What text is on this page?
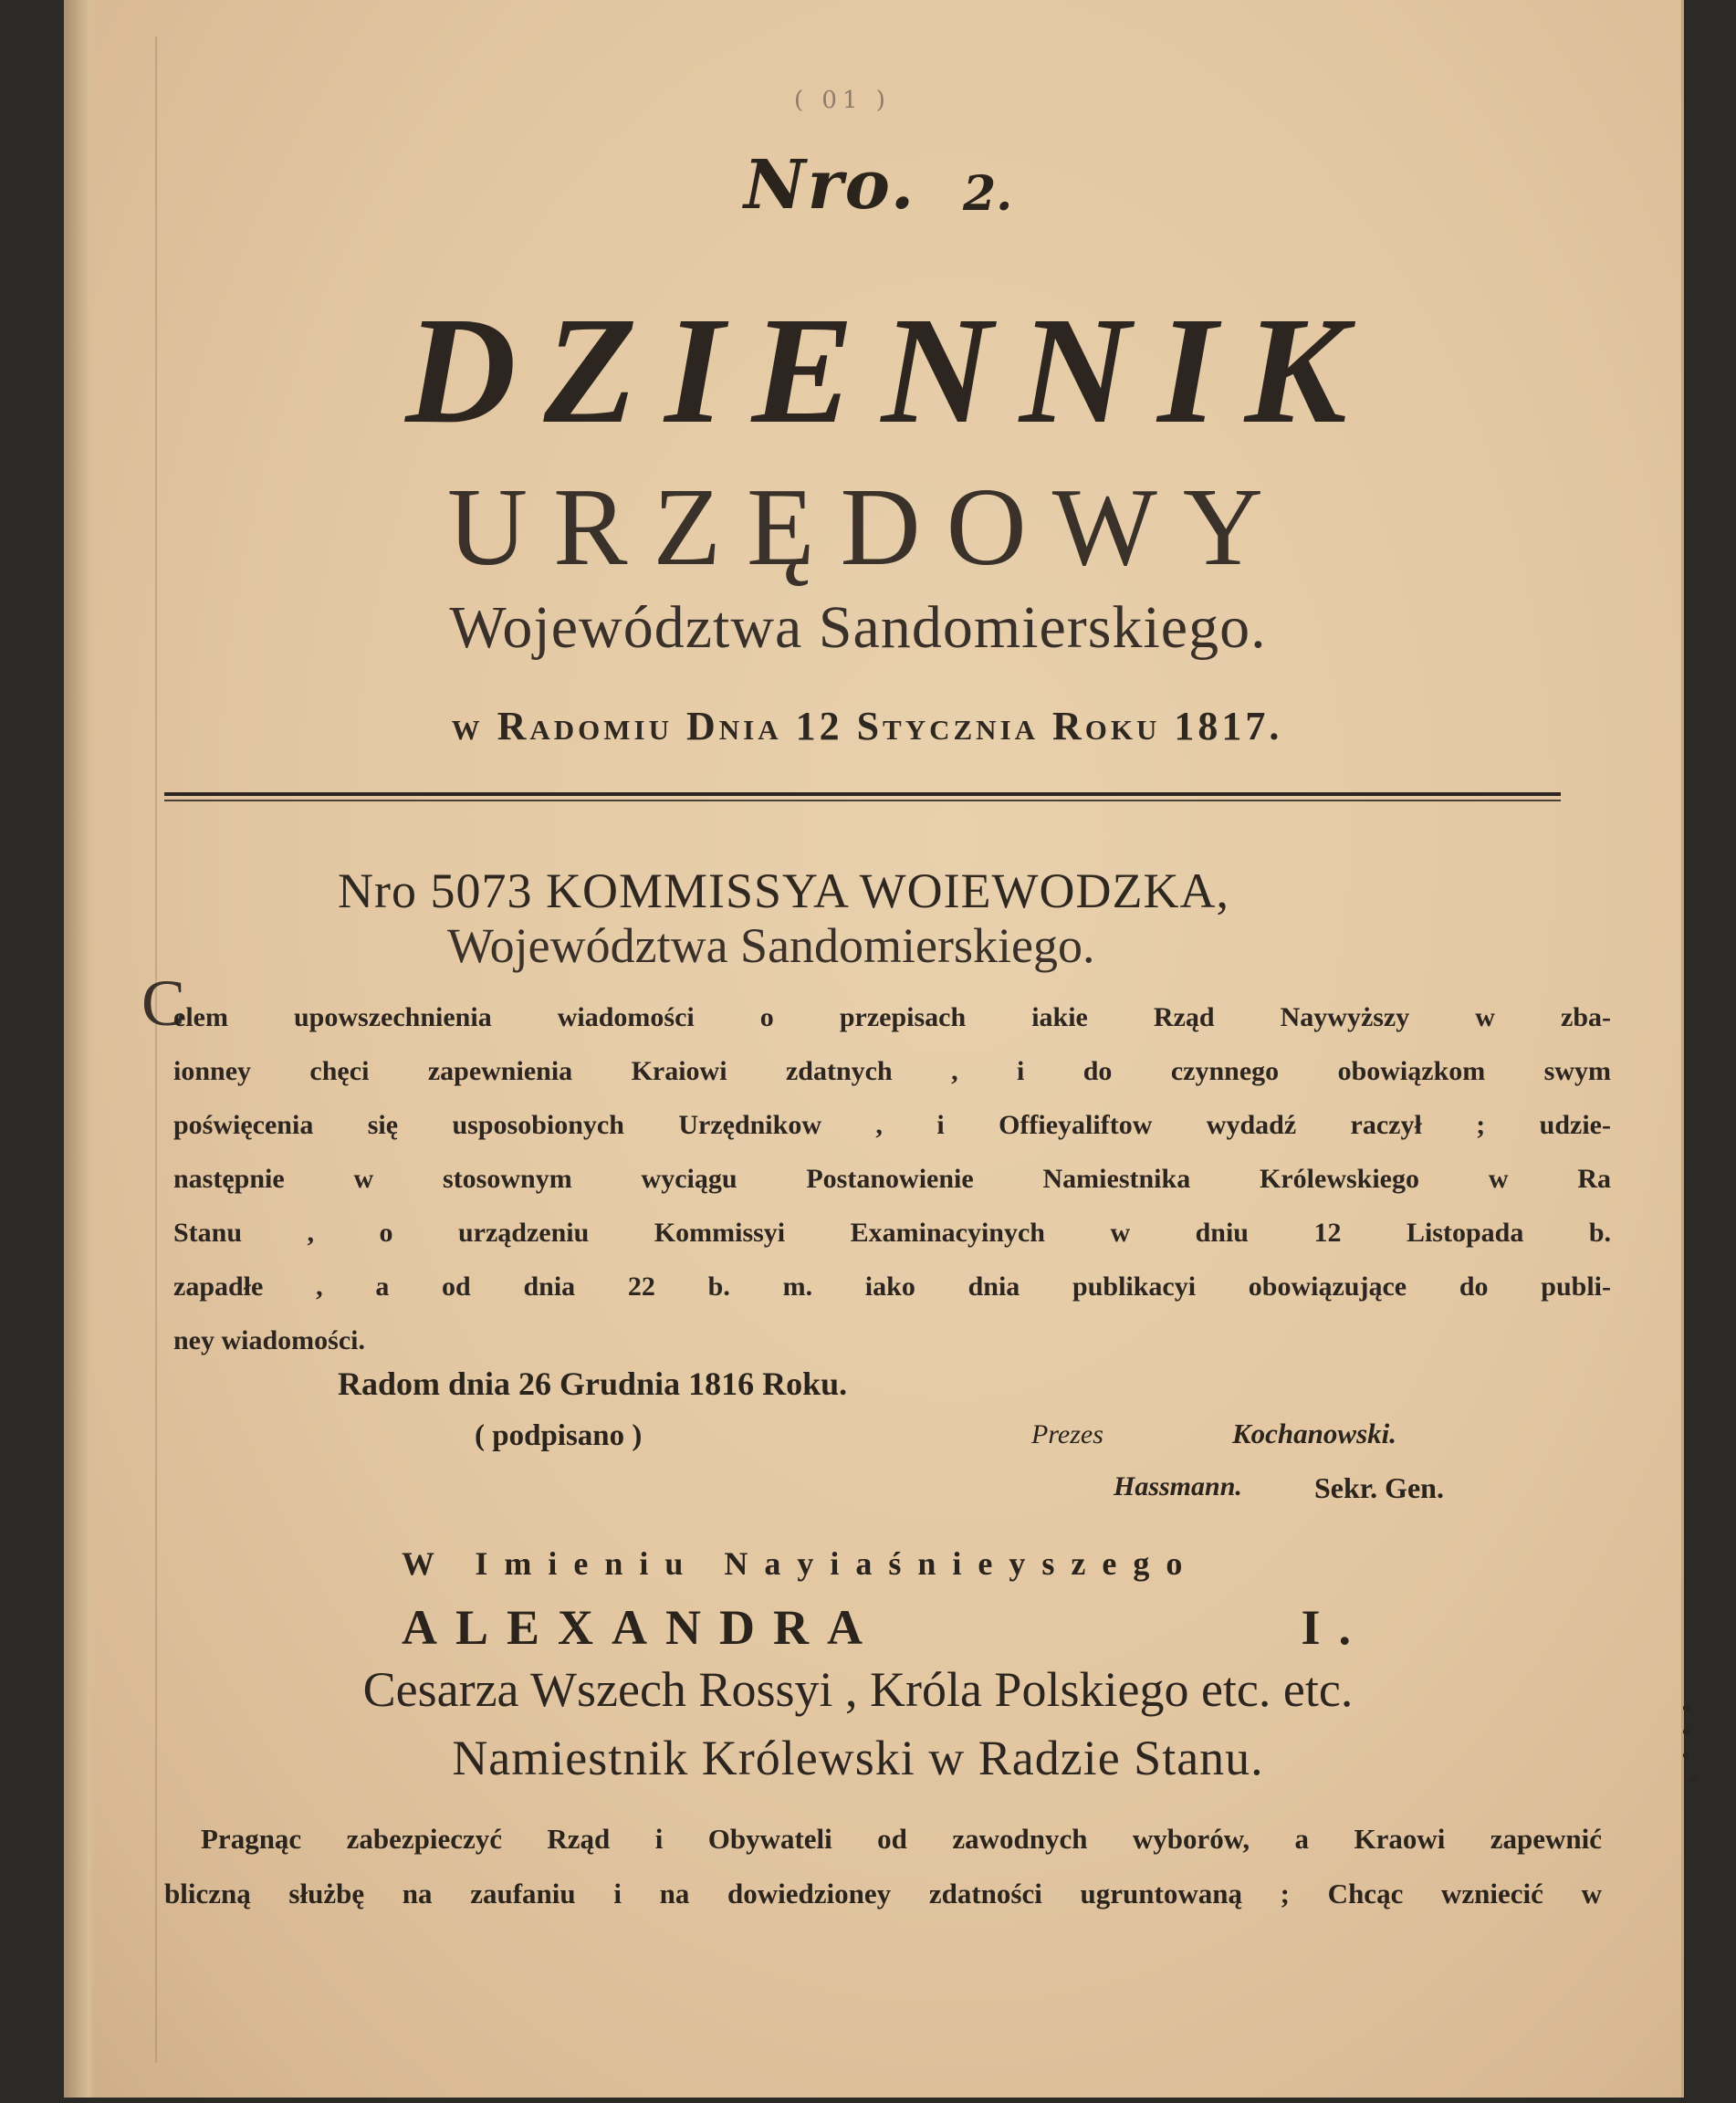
( 01 )
Nro. 2.
DZIENNIK
URZĘDOWY
Województwa Sandomierskiego.
w Radomiu Dnia 12 Stycznia Roku 1817.
Nro 5073 KOMMISSYA WOIEWODZKA,
Województwa Sandomierskiego.
C
elem upowszechnienia wiadomości o przepisach iakie Rząd Naywyższy w zba-
ionney chęci zapewnienia Kraiowi zdatnych , i do czynnego obowiązkom swym
poświęcenia się usposobionych Urzędnikow , i Offieyaliftow wydadź raczył ; udzie-
następnie w stosownym wyciągu Postanowienie Namiestnika Królewskiego w Ra
Stanu , o urządzeniu Kommissyi Examinacyinych w dniu 12 Listopada b.
zapadłe , a od dnia 22 b. m. iako dnia publikacyi obowiązujące do publi-
ney wiadomości.
Radom dnia 26 Grudnia 1816 Roku.
( podpisano )	Prezes	Kochanowski.
Hassmann. Sekr. Gen.
W Imieniu Nayiaśnieyszego
ALEXANDRA I.
Cesarza Wszech Rossyi , Króla Polskiego etc. etc.
Namiestnik Królewski w Radzie Stanu.
Pragnąc zabezpieczyć Rząd i Obywateli od zawodnych wyborów, a Kraowi zapewnić
bliczną służbę na zaufaniu i na dowiedzioney zdatności ugruntowaną ; Chcąc wzniecić w
•
• •
•
